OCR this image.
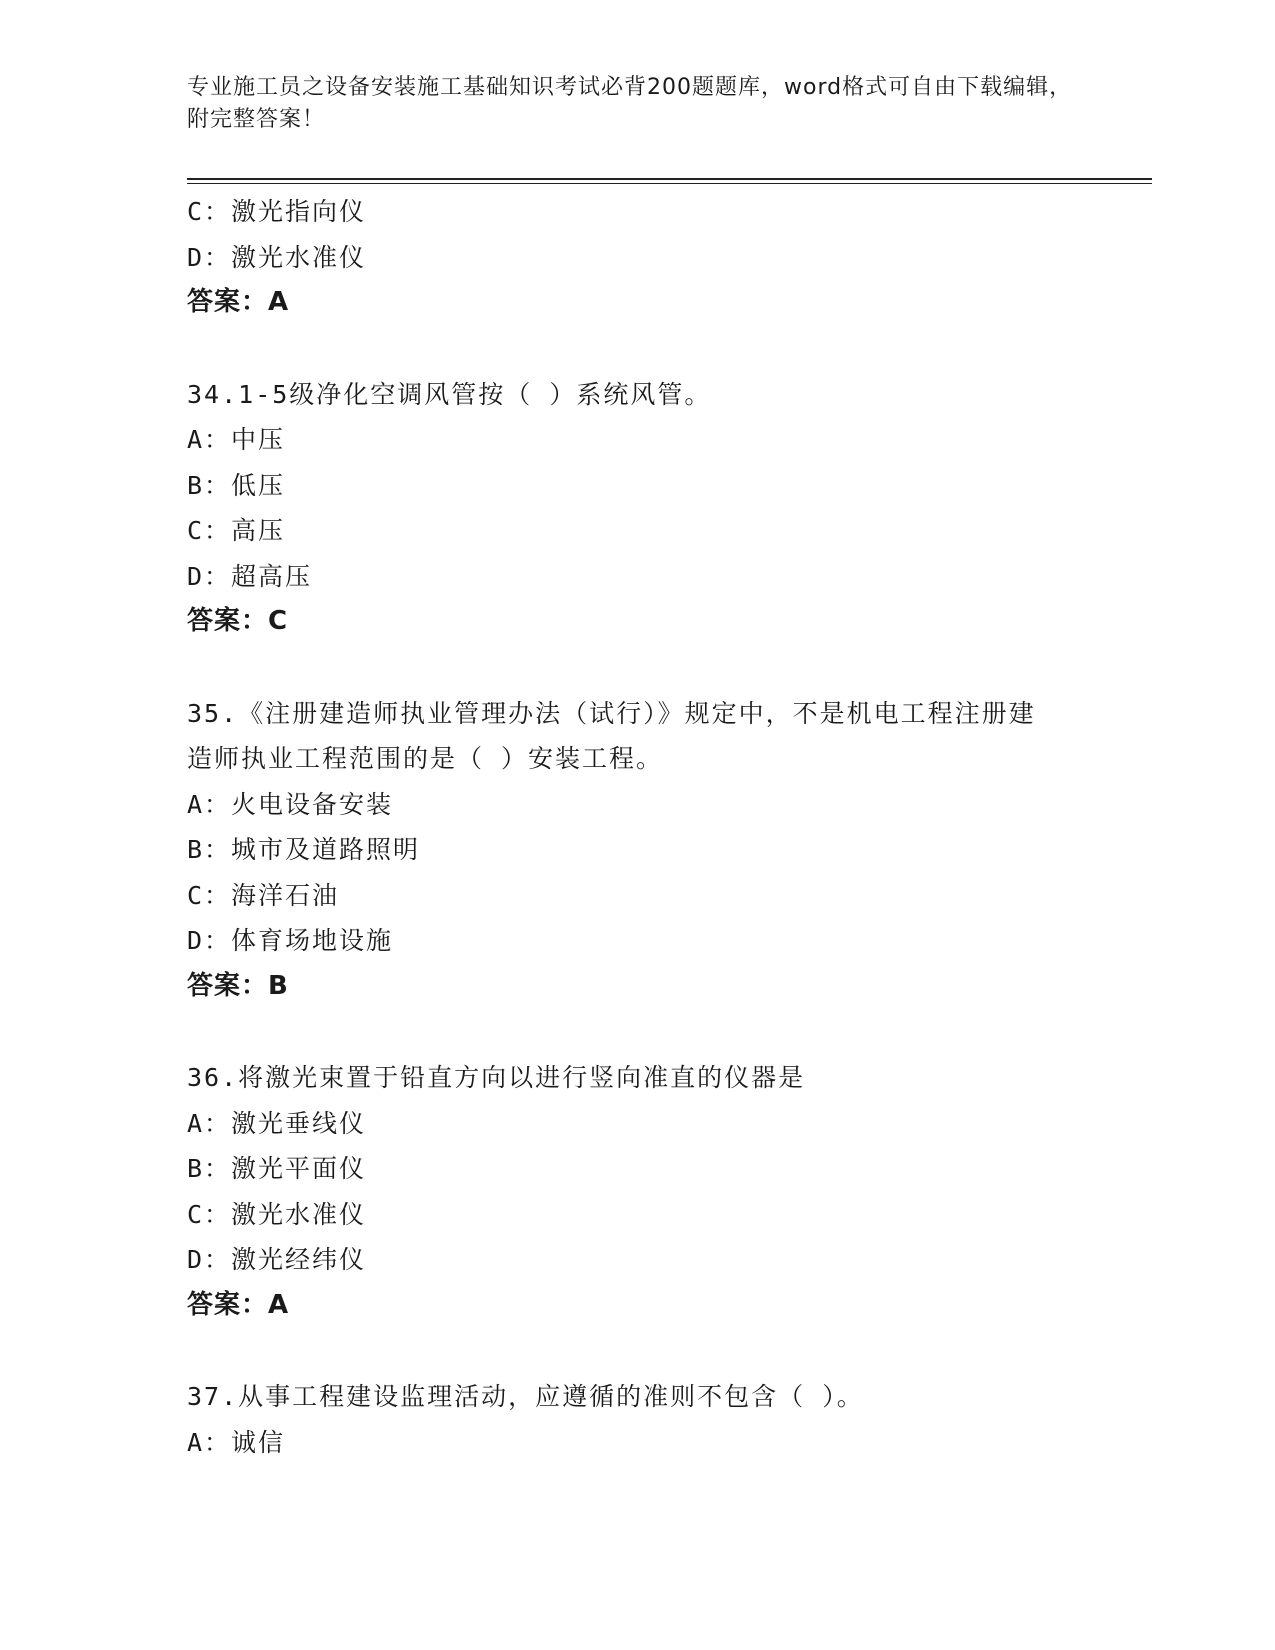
专业施工员之设备安装施工基础知识考试必背200题题库，word格式可自由下载编辑，附完整答案！
C：激光指向仪
D：激光水准仪
答案：A
34.1-5级净化空调风管按（ ）系统风管。
A：中压
B：低压
C：高压
D：超高压
答案：C
35.《注册建造师执业管理办法（试行）》规定中，不是机电工程注册建造师执业工程范围的是（ ）安装工程。
A：火电设备安装
B：城市及道路照明
C：海洋石油
D：体育场地设施
答案：B
36.将激光束置于铅直方向以进行竖向准直的仪器是
A：激光垂线仪
B：激光平面仪
C：激光水准仪
D：激光经纬仪
答案：A
37.从事工程建设监理活动，应遵循的准则不包含（ ）。
A：诚信
